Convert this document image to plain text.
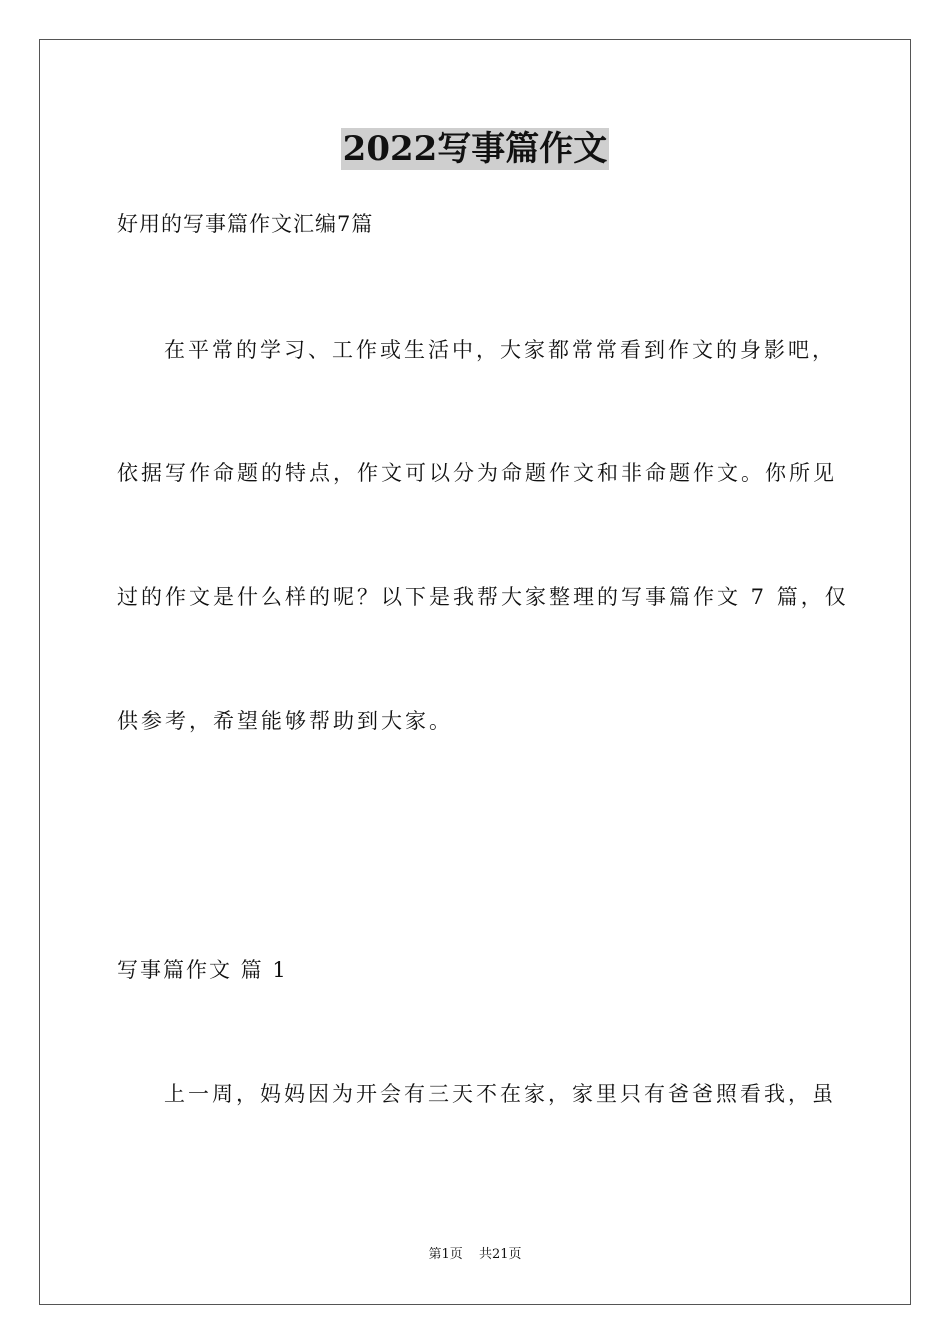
2022写事篇作文
好用的写事篇作文汇编7篇
在平常的学习、工作或生活中，大家都常常看到作文的身影吧，
依据写作命题的特点，作文可以分为命题作文和非命题作文。你所见
过的作文是什么样的呢？以下是我帮大家整理的写事篇作文 7 篇，仅
供参考，希望能够帮助到大家。
写事篇作文 篇 1
上一周，妈妈因为开会有三天不在家，家里只有爸爸照看我，虽
第1页 共21页
